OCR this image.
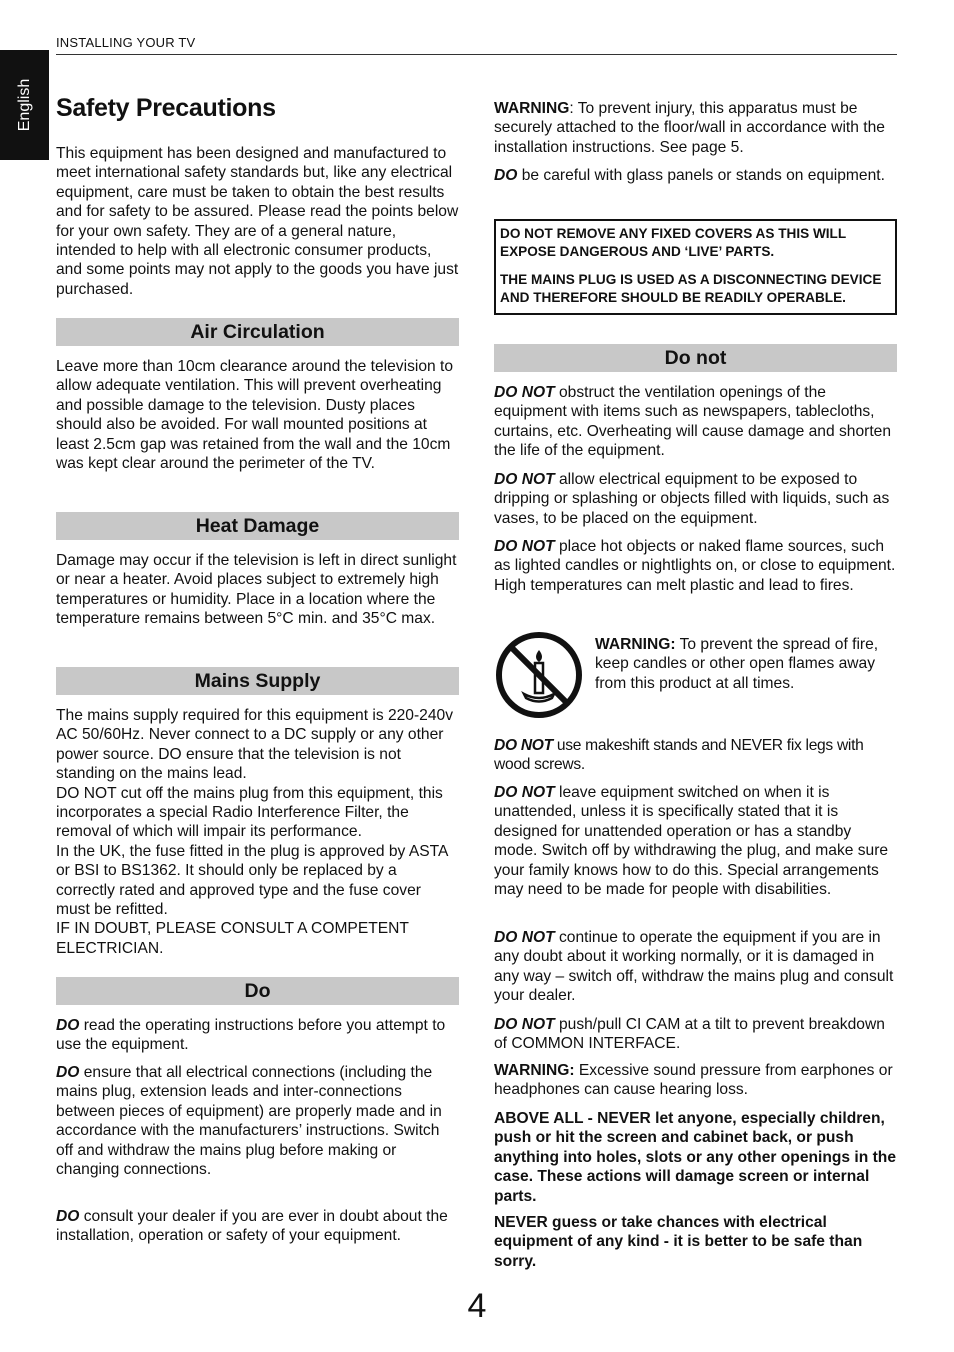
INSTALLING YOUR TV
English Safety Precautions

This equipment has been designed and manufactured to meet international safety standards but, like any electrical equipment, care must be taken to obtain the best results and for safety to be assured. Please read the points below for your own safety. They are of a general nature, intended to help with all electronic consumer products, and some points may not apply to the goods you have just purchased.

Air Circulation

Leave more than 10cm clearance around the television to allow adequate ventilation. This will prevent overheating and possible damage to the television. Dusty places should also be avoided. For wall mounted positions at least 2.5cm gap was retained from the wall and the 10cm was kept clear around the perimeter of the TV.

Heat Damage

Damage may occur if the television is left in direct sunlight or near a heater. Avoid places subject to extremely high temperatures or humidity. Place in a location where the temperature remains between 5°C min. and 35°C max.

Mains Supply
The mains supply required for this equipment is 220-240v AC 50/60Hz. Never connect to a DC supply or any other power source. DO ensure that the television is not standing on the mains lead.
DO NOT cut off the mains plug from this equipment, this incorporates a special Radio Interference Filter, the removal of which will impair its performance.
In the UK, the fuse fitted in the plug is approved by ASTA or BSI to BS1362. It should only be replaced by a correctly rated and approved type and the fuse cover must be refitted.
IF IN DOUBT, PLEASE CONSULT A COMPETENT ELECTRICIAN.
Do

DO read the operating instructions before you attempt to use the equipment.

DO ensure that all electrical connections (including the mains plug, extension leads and inter-connections between pieces of equipment) are properly made and in accordance with the manufacturers’ instructions. Switch off and withdraw the mains plug before making or changing connections.

DO consult your dealer if you are ever in doubt about the installation, operation or safety of your equipment.

WARNING: To prevent injury, this apparatus must be securely attached to the floor/wall in accordance with the installation instructions. See page 5.

DO be careful with glass panels or stands on equipment.

DO NOT REMOVE ANY FIXED COVERS AS THIS WILL EXPOSE DANGEROUS AND ‘LIVE’ PARTS.
THE MAINS PLUG IS USED AS A DISCONNECTING DEVICE AND THEREFORE SHOULD BE READILY OPERABLE.
Do not

DO NOT obstruct the ventilation openings of the equipment with items such as newspapers, tablecloths, curtains, etc. Overheating will cause damage and shorten the life of the equipment.

DO NOT allow electrical equipment to be exposed to dripping or splashing or objects filled with liquids, such as vases, to be placed on the equipment.

DO NOT place hot objects or naked flame sources, such as lighted candles or nightlights on, or close to equipment. High temperatures can melt plastic and lead to fires.

WARNING: To prevent the spread of fire, keep candles or other open flames away from this product at all times.

DO NOT use makeshift stands and NEVER fix legs with wood screws.

DO NOT leave equipment switched on when it is unattended, unless it is specifically stated that it is designed for unattended operation or has a standby mode. Switch off by withdrawing the plug, and make sure your family knows how to do this. Special arrangements may need to be made for people with disabilities.

DO NOT continue to operate the equipment if you are in any doubt about it working normally, or it is damaged in any way – switch off, withdraw the mains plug and consult your dealer.

DO NOT push/pull CI CAM at a tilt to prevent breakdown of COMMON INTERFACE.

WARNING: Excessive sound pressure from earphones or headphones can cause hearing loss.

ABOVE ALL - NEVER let anyone, especially children, push or hit the screen and cabinet back, or push anything into holes, slots or any other openings in the case. These actions will damage screen or internal parts.

NEVER guess or take chances with electrical equipment of any kind - it is better to be safe than sorry.

4
